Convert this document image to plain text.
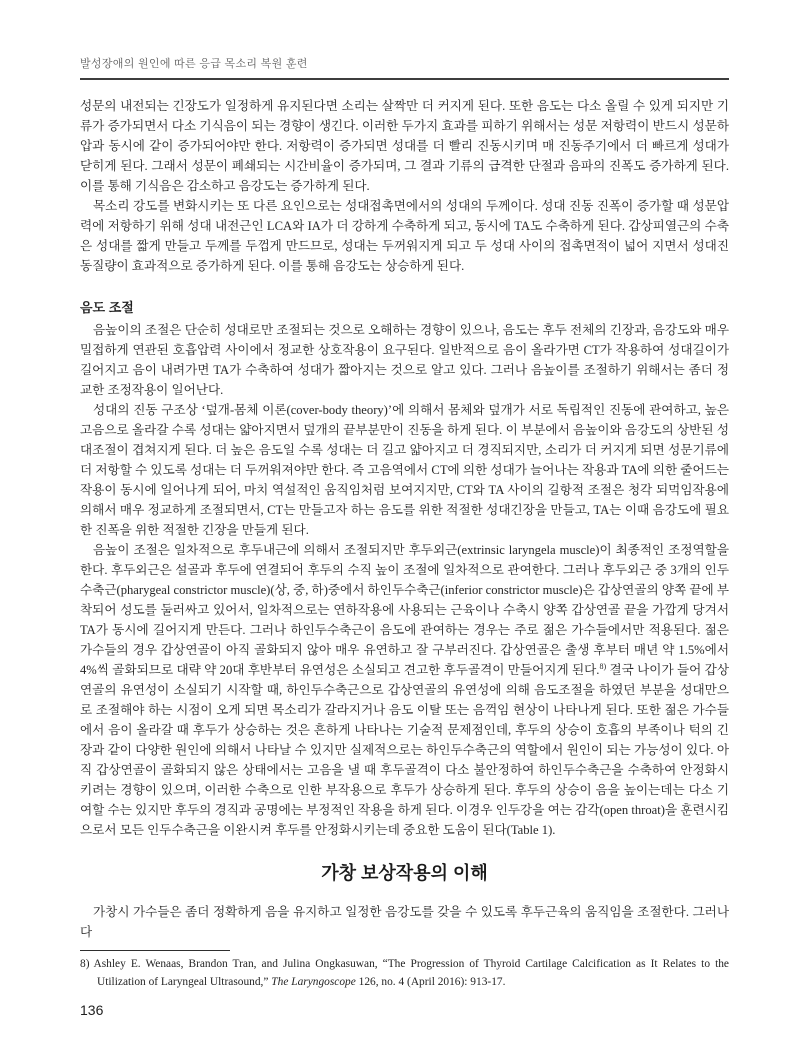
발성장애의 원인에 따른 응급 목소리 복원 훈련

성문의 내전되는 긴장도가 일정하게 유지된다면 소리는 살짝만 더 커지게 된다. 또한 음도는 다소 올릴 수 있게 되지만 기류가 증가되면서 다소 기식음이 되는 경향이 생긴다. 이러한 두가지 효과를 피하기 위해서는 성문 저항력이 반드시 성문하압과 동시에 같이 증가되어야만 한다. 저항력이 증가되면 성대를 더 빨리 진동시키며 매 진동주기에서 더 빠르게 성대가 닫히게 된다. 그래서 성문이 폐쇄되는 시간비율이 증가되며, 그 결과 기류의 급격한 단절과 음파의 진폭도 증가하게 된다. 이를 통해 기식음은 감소하고 음강도는 증가하게 된다.

목소리 강도를 변화시키는 또 다른 요인으로는 성대접촉면에서의 성대의 두께이다. 성대 진동 진폭이 증가할 때 성문압력에 저항하기 위해 성대 내전근인 LCA와 IA가 더 강하게 수축하게 되고, 동시에 TA도 수축하게 된다. 갑상피열근의 수축은 성대를 짧게 만들고 두께를 두껍게 만드므로, 성대는 두꺼워지게 되고 두 성대 사이의 접촉면적이 넓어 지면서 성대진동질량이 효과적으로 증가하게 된다. 이를 통해 음강도는 상승하게 된다.

음도 조절

음높이의 조절은 단순히 성대로만 조절되는 것으로 오해하는 경향이 있으나, 음도는 후두 전체의 긴장과, 음강도와 매우 밀접하게 연관된 호흡압력 사이에서 정교한 상호작용이 요구된다. 일반적으로 음이 올라가면 CT가 작용하여 성대길이가 길어지고 음이 내려가면 TA가 수축하여 성대가 짧아지는 것으로 알고 있다. 그러나 음높이를 조절하기 위해서는 좀더 정교한 조정작용이 일어난다.

성대의 진동 구조상 ‘덮개-몸체 이론(cover-body theory)’에 의해서 몸체와 덮개가 서로 독립적인 진동에 관여하고, 높은 고음으로 올라갈 수록 성대는 얇아지면서 덮개의 끝부분만이 진동을 하게 된다. 이 부분에서 음높이와 음강도의 상반된 성대조절이 겹쳐지게 된다. 더 높은 음도일 수록 성대는 더 길고 얇아지고 더 경직되지만, 소리가 더 커지게 되면 성문기류에 더 저항할 수 있도록 성대는 더 두꺼워져야만 한다. 즉 고음역에서 CT에 의한 성대가 늘어나는 작용과 TA에 의한 줄어드는 작용이 동시에 일어나게 되어, 마치 역설적인 움직임처럼 보여지지만, CT와 TA 사이의 길항적 조절은 청각 되먹임작용에 의해서 매우 정교하게 조절되면서, CT는 만들고자 하는 음도를 위한 적절한 성대긴장을 만들고, TA는 이때 음강도에 필요한 진폭을 위한 적절한 긴장을 만들게 된다.

음높이 조절은 일차적으로 후두내근에 의해서 조절되지만 후두외근(extrinsic laryngela muscle)이 최종적인 조정역할을 한다. 후두외근은 설골과 후두에 연결되어 후두의 수직 높이 조절에 일차적으로 관여한다. 그러나 후두외근 중 3개의 인두수축근(pharygeal constrictor muscle)(상, 중, 하)중에서 하인두수축근(inferior constrictor muscle)은 갑상연골의 양쪽 끝에 부착되어 성도를 둘러싸고 있어서, 일차적으로는 연하작용에 사용되는 근육이나 수축시 양쪽 갑상연골 끝을 가깝게 당겨서 TA가 동시에 길어지게 만든다. 그러나 하인두수축근이 음도에 관여하는 경우는 주로 젊은 가수들에서만 적용된다. 젊은 가수들의 경우 갑상연골이 아직 골화되지 않아 매우 유연하고 잘 구부러진다. 갑상연골은 출생 후부터 매년 약 1.5%에서 4%씩 골화되므로 대략 약 20대 후반부터 유연성은 소실되고 견고한 후두골격이 만들어지게 된다.$^{8)}$ 결국 나이가 들어 갑상연골의 유연성이 소실되기 시작할 때, 하인두수축근으로 갑상연골의 유연성에 의해 음도조절을 하였던 부분을 성대만으로 조절해야 하는 시점이 오게 되면 목소리가 갈라지거나 음도 이탈 또는 음꺽임 현상이 나타나게 된다. 또한 젊은 가수들에서 음이 올라갈 때 후두가 상승하는 것은 흔하게 나타나는 기술적 문제점인데, 후두의 상승이 호흡의 부족이나 턱의 긴장과 같이 다양한 원인에 의해서 나타날 수 있지만 실제적으로는 하인두수축근의 역할에서 원인이 되는 가능성이 있다. 아직 갑상연골이 골화되지 않은 상태에서는 고음을 낼 때 후두골격이 다소 불안정하여 하인두수축근을 수축하여 안정화시키려는 경향이 있으며, 이러한 수축으로 인한 부작용으로 후두가 상승하게 된다. 후두의 상승이 음을 높이는데는 다소 기여할 수는 있지만 후두의 경직과 공명에는 부정적인 작용을 하게 된다. 이경우 인두강을 여는 감각(open throat)을 훈련시킴으로서 모든 인두수축근을 이완시켜 후두를 안정화시키는데 중요한 도움이 된다(Table 1).

가창 보상작용의 이해

가창시 가수들은 좀더 정확하게 음을 유지하고 일정한 음강도를 갖을 수 있도록 후두근육의 움직임을 조절한다. 그러나 다

8) Ashley E. Wenaas, Brandon Tran, and Julina Ongkasuwan, “The Progression of Thyroid Cartilage Calcification as It Relates to the Utilization of Laryngeal Ultrasound,” The Laryngoscope 126, no. 4 (April 2016): 913-17.
136
